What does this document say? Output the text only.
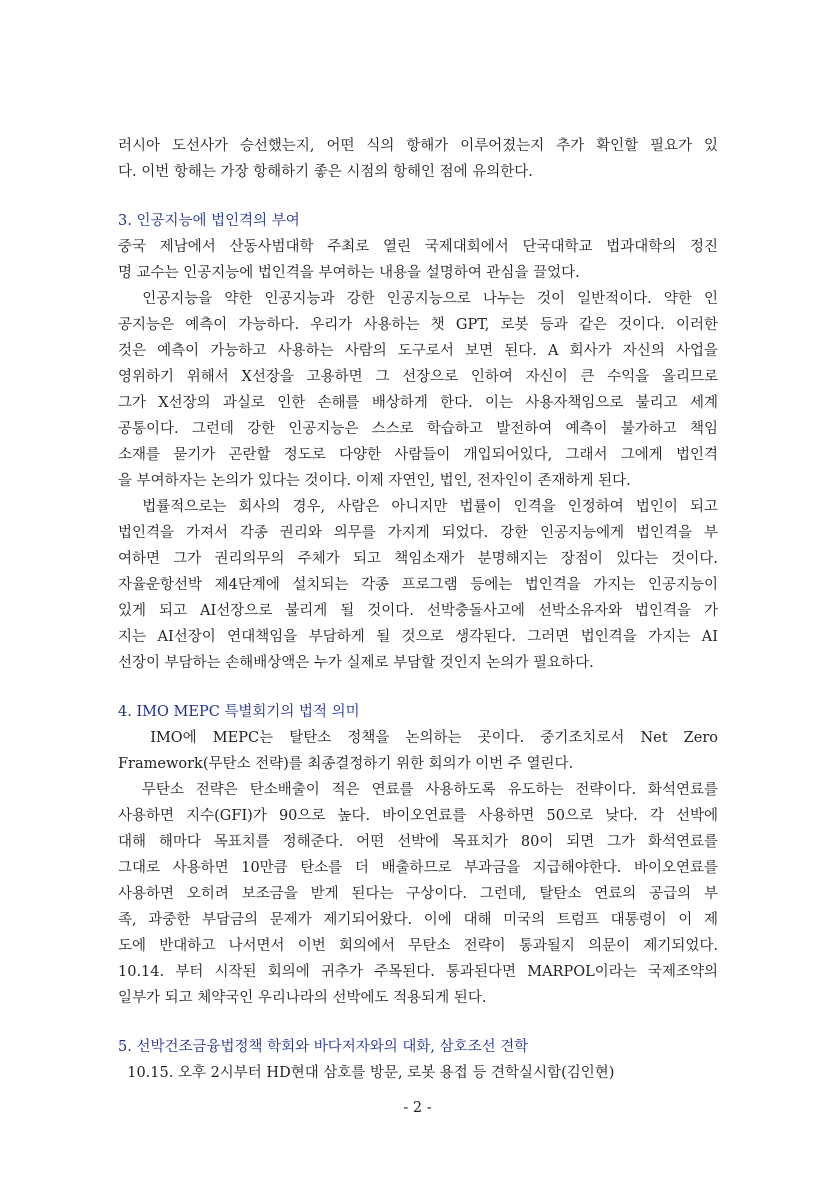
러시아 도선사가 승선했는지, 어떤 식의 항해가 이루어졌는지 추가 확인할 필요가 있
다. 이번 항해는 가장 항해하기 좋은 시점의 항해인 점에 유의한다.
3. 인공지능에 법인격의 부여
중국 제남에서 산동사범대학 주최로 열린 국제대회에서 단국대학교 법과대학의 정진
명 교수는 인공지능에 법인격을 부여하는 내용을 설명하여 관심을 끌었다.
인공지능을 약한 인공지능과 강한 인공지능으로 나누는 것이 일반적이다. 약한 인
공지능은 예측이 가능하다. 우리가 사용하는 챗 GPT, 로봇 등과 같은 것이다. 이러한
것은 예측이 가능하고 사용하는 사람의 도구로서 보면 된다. A 회사가 자신의 사업을
영위하기 위해서 X선장을 고용하면 그 선장으로 인하여 자신이 큰 수익을 올리므로
그가 X선장의 과실로 인한 손해를 배상하게 한다. 이는 사용자책임으로 불리고 세계
공통이다. 그런데 강한 인공지능은 스스로 학습하고 발전하여 예측이 불가하고 책임
소재를 묻기가 곤란할 정도로 다양한 사람들이 개입되어있다, 그래서 그에게 법인격
을 부여하자는 논의가 있다는 것이다. 이제 자연인, 법인, 전자인이 존재하게 된다.
법률적으로는 회사의 경우, 사람은 아니지만 법률이 인격을 인정하여 법인이 되고
법인격을 가져서 각종 권리와 의무를 가지게 되었다. 강한 인공지능에게 법인격을 부
여하면 그가 권리의무의 주체가 되고 책임소재가 분명해지는 장점이 있다는 것이다.
자율운항선박 제4단계에 설치되는 각종 프로그램 등에는 법인격을 가지는 인공지능이
있게 되고 AI선장으로 불리게 될 것이다. 선박충돌사고에 선박소유자와 법인격을 가
지는 AI선장이 연대책임을 부담하게 될 것으로 생각된다. 그러면 법인격을 가지는 AI
선장이 부담하는 손해배상액은 누가 실제로 부담할 것인지 논의가 필요하다.
4. IMO MEPC 특별회기의 법적 의미
IMO에 MEPC는 탈탄소 정책을 논의하는 곳이다. 중기조치로서 Net Zero
Framework(무탄소 전략)를 최종결정하기 위한 회의가 이번 주 열린다.
무탄소 전략은 탄소배출이 적은 연료를 사용하도록 유도하는 전략이다. 화석연료를
사용하면 지수(GFI)가 90으로 높다. 바이오연료를 사용하면 50으로 낮다. 각 선박에
대해 해마다 목표치를 정해준다. 어떤 선박에 목표치가 80이 되면 그가 화석연료를
그대로 사용하면 10만큼 탄소를 더 배출하므로 부과금을 지급해야한다. 바이오연료를
사용하면 오히려 보조금을 받게 된다는 구상이다. 그런데, 탈탄소 연료의 공급의 부
족, 과중한 부담금의 문제가 제기되어왔다. 이에 대해 미국의 트럼프 대통령이 이 제
도에 반대하고 나서면서 이번 회의에서 무탄소 전략이 통과될지 의문이 제기되었다.
10.14. 부터 시작된 회의에 귀추가 주목된다. 통과된다면 MARPOL이라는 국제조약의
일부가 되고 체약국인 우리나라의 선박에도 적용되게 된다.
5. 선박건조금융법정책 학회와 바다저자와의 대화, 삼호조선 견학
10.15. 오후 2시부터 HD현대 삼호를 방문, 로봇 용접 등 견학실시함(김인현)
- 2 -
